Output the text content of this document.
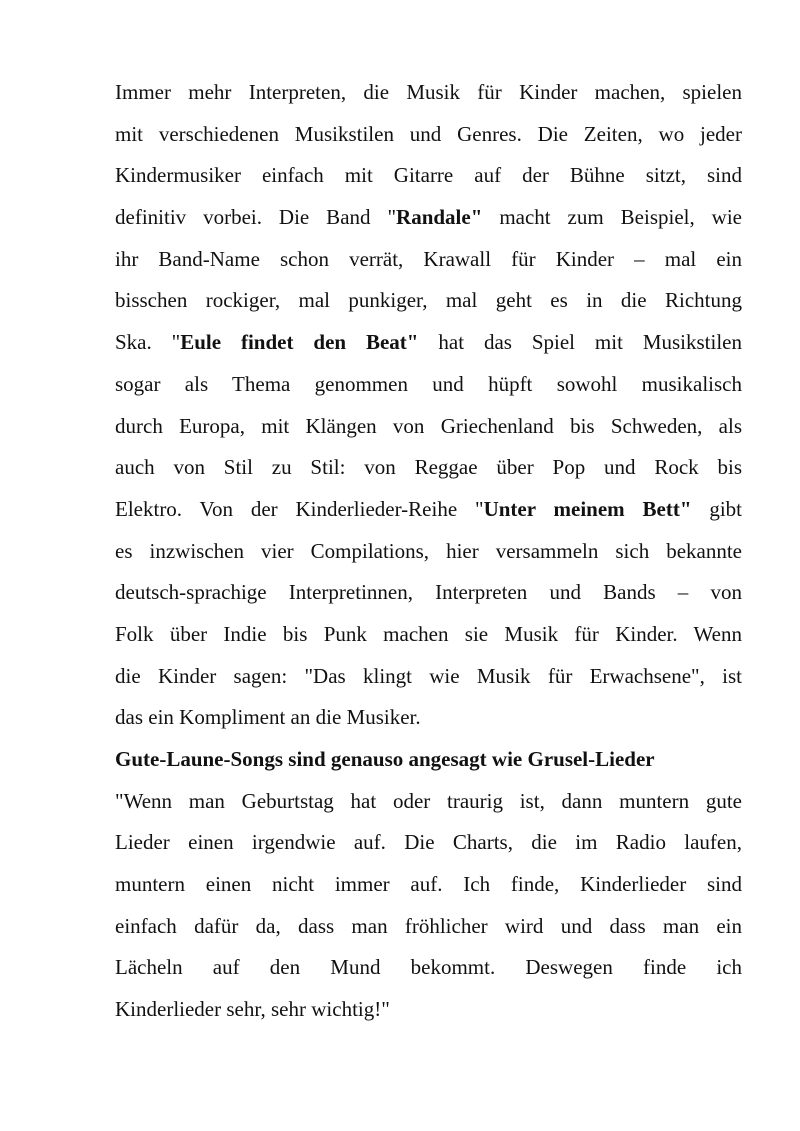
Immer mehr Interpreten, die Musik für Kinder machen, spielen
mit verschiedenen Musikstilen und Genres. Die Zeiten, wo jeder
Kindermusiker einfach mit Gitarre auf der Bühne sitzt, sind
definitiv vorbei. Die Band "Randale" macht zum Beispiel, wie
ihr Band-Name schon verrät, Krawall für Kinder – mal ein
bisschen rockiger, mal punkiger, mal geht es in die Richtung
Ska. "Eule findet den Beat" hat das Spiel mit Musikstilen
sogar als Thema genommen und hüpft sowohl musikalisch
durch Europa, mit Klängen von Griechenland bis Schweden, als
auch von Stil zu Stil: von Reggae über Pop und Rock bis
Elektro. Von der Kinderlieder-Reihe "Unter meinem Bett" gibt
es inzwischen vier Compilations, hier versammeln sich bekannte
deutsch-sprachige Interpretinnen, Interpreten und Bands – von
Folk über Indie bis Punk machen sie Musik für Kinder. Wenn
die Kinder sagen: "Das klingt wie Musik für Erwachsene", ist
das ein Kompliment an die Musiker.
Gute-Laune-Songs sind genauso angesagt wie Grusel-Lieder
"Wenn man Geburtstag hat oder traurig ist, dann muntern gute
Lieder einen irgendwie auf. Die Charts, die im Radio laufen,
muntern einen nicht immer auf. Ich finde, Kinderlieder sind
einfach dafür da, dass man fröhlicher wird und dass man ein
Lächeln auf den Mund bekommt. Deswegen finde ich
Kinderlieder sehr, sehr wichtig!"
